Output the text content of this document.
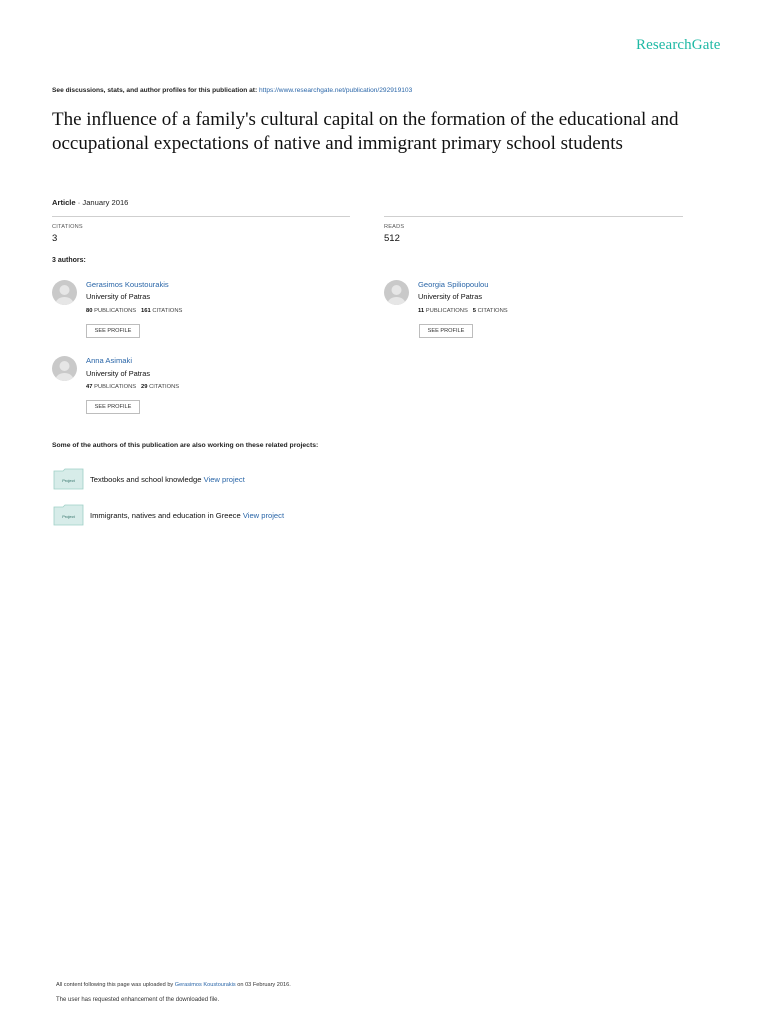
ResearchGate
See discussions, stats, and author profiles for this publication at: https://www.researchgate.net/publication/292919103
The influence of a family's cultural capital on the formation of the educational and occupational expectations of native and immigrant primary school students
Article · January 2016
CITATIONS
3
READS
512
3 authors:
Gerasimos Koustourakis
University of Patras
80 PUBLICATIONS 161 CITATIONS
SEE PROFILE
Georgia Spiliopoulou
University of Patras
11 PUBLICATIONS 5 CITATIONS
SEE PROFILE
Anna Asimaki
University of Patras
47 PUBLICATIONS 29 CITATIONS
SEE PROFILE
Some of the authors of this publication are also working on these related projects:
Project Textbooks and school knowledge View project
Project Immigrants, natives and education in Greece View project
All content following this page was uploaded by Gerasimos Koustourakis on 03 February 2016.
The user has requested enhancement of the downloaded file.
